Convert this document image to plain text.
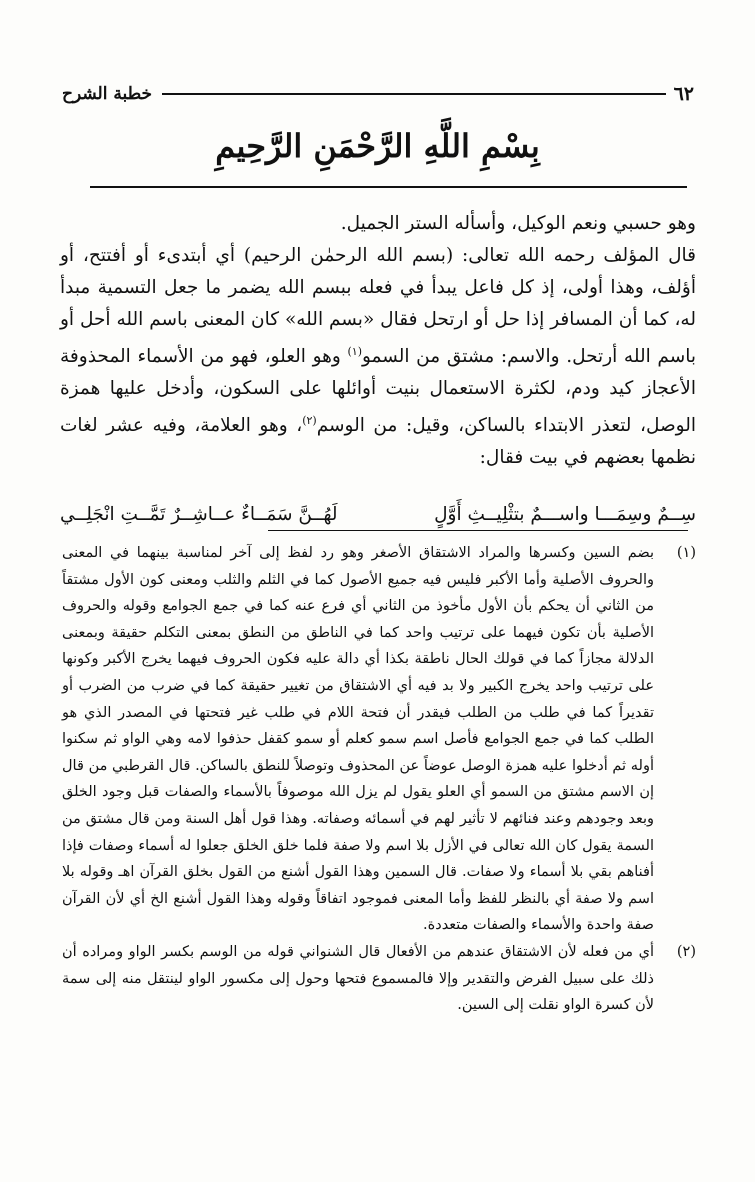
٦٢
خطبة الشرح
بِسْمِ اللَّهِ الرَّحْمَنِ الرَّحِيمِ

وهو حسبي ونعم الوكيل، وأسأله الستر الجميل.

قال المؤلف رحمه الله تعالى: (بسم الله الرحمٰن الرحيم) أي أبتدىء أو أفتتح، أو أؤلف، وهذا أولى، إذ كل فاعل يبدأ في فعله ببسم الله يضمر ما جعل التسمية مبدأ له، كما أن المسافر إذا حل أو ارتحل فقال «بسم الله» كان المعنى باسم الله أحل أو باسم الله أرتحل. والاسم: مشتق من السمو$^{(١)}$ وهو العلو، فهو من الأسماء المحذوفة الأعجاز كيد ودم، لكثرة الاستعمال بنيت أوائلها على السكون، وأدخل عليها همزة الوصل، لتعذر الابتداء بالساكن، وقيل: من الوسم$^{(٢)}$، وهو العلامة، وفيه عشر لغات نظمها بعضهم في بيت فقال:

سِــمٌ وسِمَـــا واســـمٌ بتثْلِيــثِ أَوَّلٍ
لَهُــنَّ سَمَــاءٌ عــاشِــرٌ تَمَّــتِ انْجَلِــي
(١)
بضم السين وكسرها والمراد الاشتقاق الأصغر وهو رد لفظ إلى آخر لمناسبة بينهما في المعنى والحروف الأصلية وأما الأكبر فليس فيه جميع الأصول كما في الثلم والثلب ومعنى كون الأول مشتقاً من الثاني أن يحكم بأن الأول مأخوذ من الثاني أي فرع عنه كما في جمع الجوامع وقوله والحروف الأصلية بأن تكون فيهما على ترتيب واحد كما في الناطق من النطق بمعنى التكلم حقيقة وبمعنى الدلالة مجازاً كما في قولك الحال ناطقة بكذا أي دالة عليه فكون الحروف فيهما يخرج الأكبر وكونها على ترتيب واحد يخرج الكبير ولا بد فيه أي الاشتقاق من تغيير حقيقة كما في ضرب من الضرب أو تقديراً كما في طلب من الطلب فيقدر أن فتحة اللام في طلب غير فتحتها في المصدر الذي هو الطلب كما في جمع الجوامع فأصل اسم سمو كعلم أو سمو كقفل حذفوا لامه وهي الواو ثم سكنوا أوله ثم أدخلوا عليه همزة الوصل عوضاً عن المحذوف وتوصلاً للنطق بالساكن. قال القرطبي من قال إن الاسم مشتق من السمو أي العلو يقول لم يزل الله موصوفاً بالأسماء والصفات قبل وجود الخلق وبعد وجودهم وعند فنائهم لا تأثير لهم في أسمائه وصفاته. وهذا قول أهل السنة ومن قال مشتق من السمة يقول كان الله تعالى في الأزل بلا اسم ولا صفة فلما خلق الخلق جعلوا له أسماء وصفات فإذا أفناهم بقي بلا أسماء ولا صفات. قال السمين وهذا القول أشنع من القول بخلق القرآن اهـ وقوله بلا اسم ولا صفة أي بالنظر للفظ وأما المعنى فموجود اتفاقاً وقوله وهذا القول أشنع الخ أي لأن القرآن صفة واحدة والأسماء والصفات متعددة.
(٢)
أي من فعله لأن الاشتقاق عندهم من الأفعال قال الشنواني قوله من الوسم بكسر الواو ومراده أن ذلك على سبيل الفرض والتقدير وإلا فالمسموع فتحها وحول إلى مكسور الواو لينتقل منه إلى سمة لأن كسرة الواو نقلت إلى السين.
